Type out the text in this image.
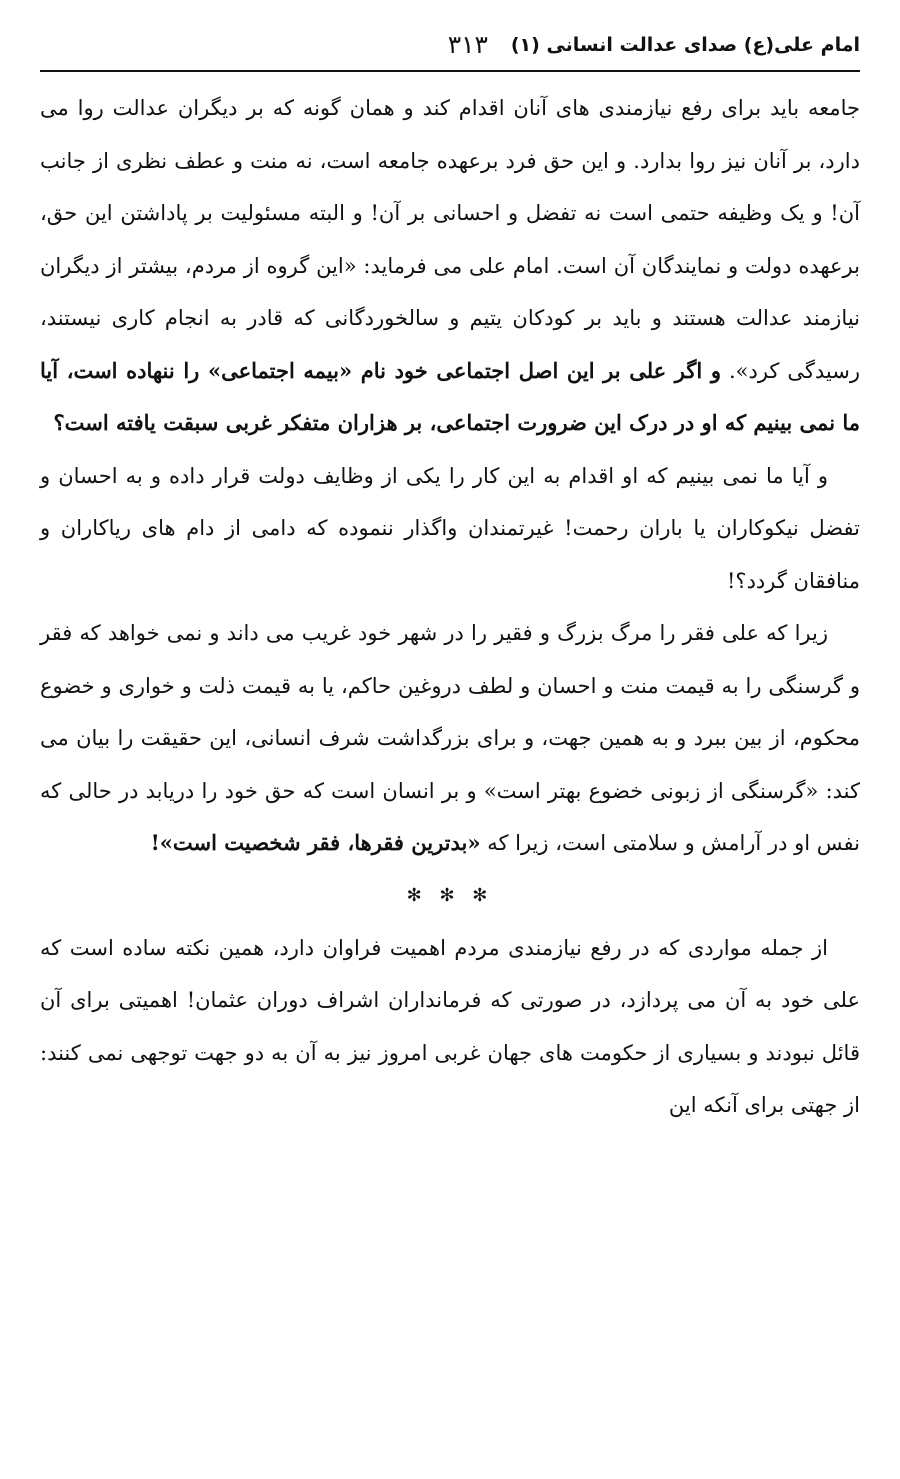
امام علی(ع) صدای عدالت انسانی (۱)
۳۱۳

جامعه باید برای رفع نیازمندی های آنان اقدام کند و همان گونه که بر دیگران عدالت روا می دارد، بر آنان نیز روا بدارد. و این حق فرد برعهده جامعه است، نه منت و عطف نظری از جانب آن! و یک وظیفه حتمی است نه تفضل و احسانی بر آن! و البته مسئولیت بر پاداشتن این حق، برعهده دولت و نمایندگان آن است. امام علی می فرماید: «این گروه از مردم، بیشتر از دیگران نیازمند عدالت هستند و باید بر کودکان یتیم و سالخوردگانی که قادر به انجام کاری نیستند، رسیدگی کرد». و اگر علی بر این اصل اجتماعی خود نام «بیمه اجتماعی» را ننهاده است، آیا ما نمی بینیم که او در درک این ضرورت اجتماعی، بر هزاران متفکر غربی سبقت یافته است؟

و آیا ما نمی بینیم که او اقدام به این کار را یکی از وظایف دولت قرار داده و به احسان و تفضل نیکوکاران یا باران رحمت! غیرتمندان واگذار ننموده که دامی از دام های ریاکاران و منافقان گردد؟!

زیرا که علی فقر را مرگ بزرگ و فقیر را در شهر خود غریب می داند و نمی خواهد که فقر و گرسنگی را به قیمت منت و احسان و لطف دروغین حاکم، یا به قیمت ذلت و خواری و خضوع محکوم، از بین ببرد و به همین جهت، و برای بزرگداشت شرف انسانی، این حقیقت را بیان می کند: «گرسنگی از زبونی خضوع بهتر است» و بر انسان است که حق خود را دریابد در حالی که نفس او در آرامش و سلامتی است، زیرا که «بدترین فقرها، فقر شخصیت است»!

✻ ✻ ✻

از جمله مواردی که در رفع نیازمندی مردم اهمیت فراوان دارد، همین نکته ساده است که علی خود به آن می پردازد، در صورتی که فرمانداران اشراف دوران عثمان! اهمیتی برای آن قائل نبودند و بسیاری از حکومت های جهان غربی امروز نیز به آن به دو جهت توجهی نمی کنند: از جهتی برای آنکه این
